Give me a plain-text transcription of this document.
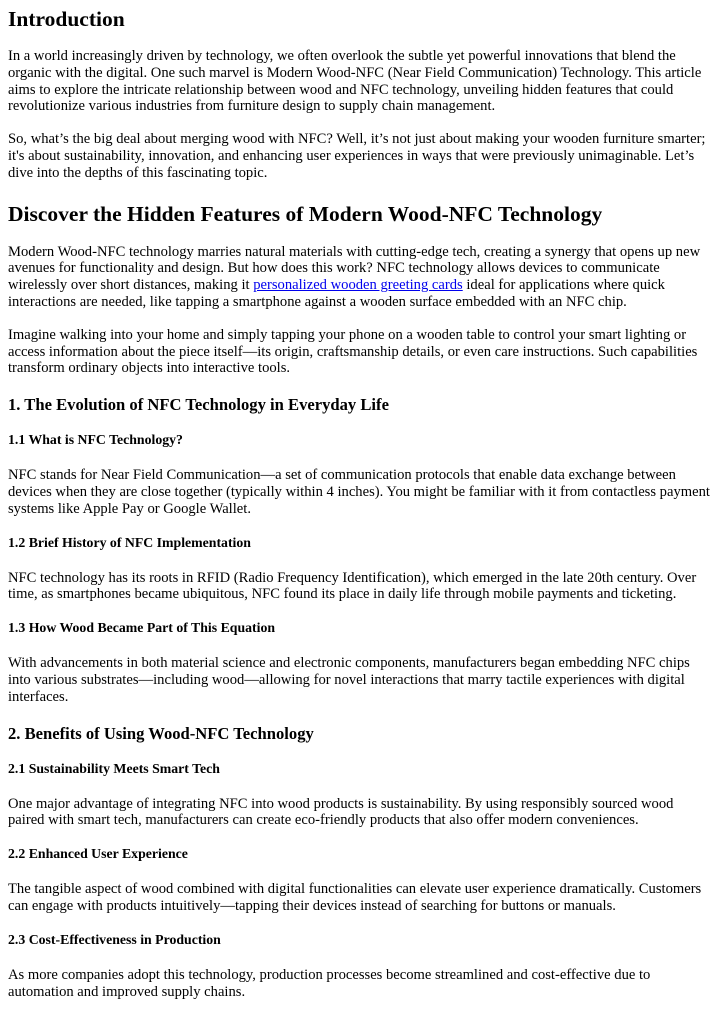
Introduction

In a world increasingly driven by technology, we often overlook the subtle yet powerful innovations that blend the organic with the digital. One such marvel is Modern Wood-NFC (Near Field Communication) Technology. This article aims to explore the intricate relationship between wood and NFC technology, unveiling hidden features that could revolutionize various industries from furniture design to supply chain management.

So, what’s the big deal about merging wood with NFC? Well, it’s not just about making your wooden furniture smarter; it's about sustainability, innovation, and enhancing user experiences in ways that were previously unimaginable. Let’s dive into the depths of this fascinating topic.

Discover the Hidden Features of Modern Wood-NFC Technology

Modern Wood-NFC technology marries natural materials with cutting-edge tech, creating a synergy that opens up new avenues for functionality and design. But how does this work? NFC technology allows devices to communicate wirelessly over short distances, making it personalized wooden greeting cards ideal for applications where quick interactions are needed, like tapping a smartphone against a wooden surface embedded with an NFC chip.

Imagine walking into your home and simply tapping your phone on a wooden table to control your smart lighting or access information about the piece itself—its origin, craftsmanship details, or even care instructions. Such capabilities transform ordinary objects into interactive tools.

1. The Evolution of NFC Technology in Everyday Life
1.1 What is NFC Technology?

NFC stands for Near Field Communication—a set of communication protocols that enable data exchange between devices when they are close together (typically within 4 inches). You might be familiar with it from contactless payment systems like Apple Pay or Google Wallet.

1.2 Brief History of NFC Implementation

NFC technology has its roots in RFID (Radio Frequency Identification), which emerged in the late 20th century. Over time, as smartphones became ubiquitous, NFC found its place in daily life through mobile payments and ticketing.

1.3 How Wood Became Part of This Equation

With advancements in both material science and electronic components, manufacturers began embedding NFC chips into various substrates—including wood—allowing for novel interactions that marry tactile experiences with digital interfaces.

2. Benefits of Using Wood-NFC Technology
2.1 Sustainability Meets Smart Tech

One major advantage of integrating NFC into wood products is sustainability. By using responsibly sourced wood paired with smart tech, manufacturers can create eco-friendly products that also offer modern conveniences.

2.2 Enhanced User Experience

The tangible aspect of wood combined with digital functionalities can elevate user experience dramatically. Customers can engage with products intuitively—tapping their devices instead of searching for buttons or manuals.

2.3 Cost-Effectiveness in Production

As more companies adopt this technology, production processes become streamlined and cost-effective due to automation and improved supply chains.
